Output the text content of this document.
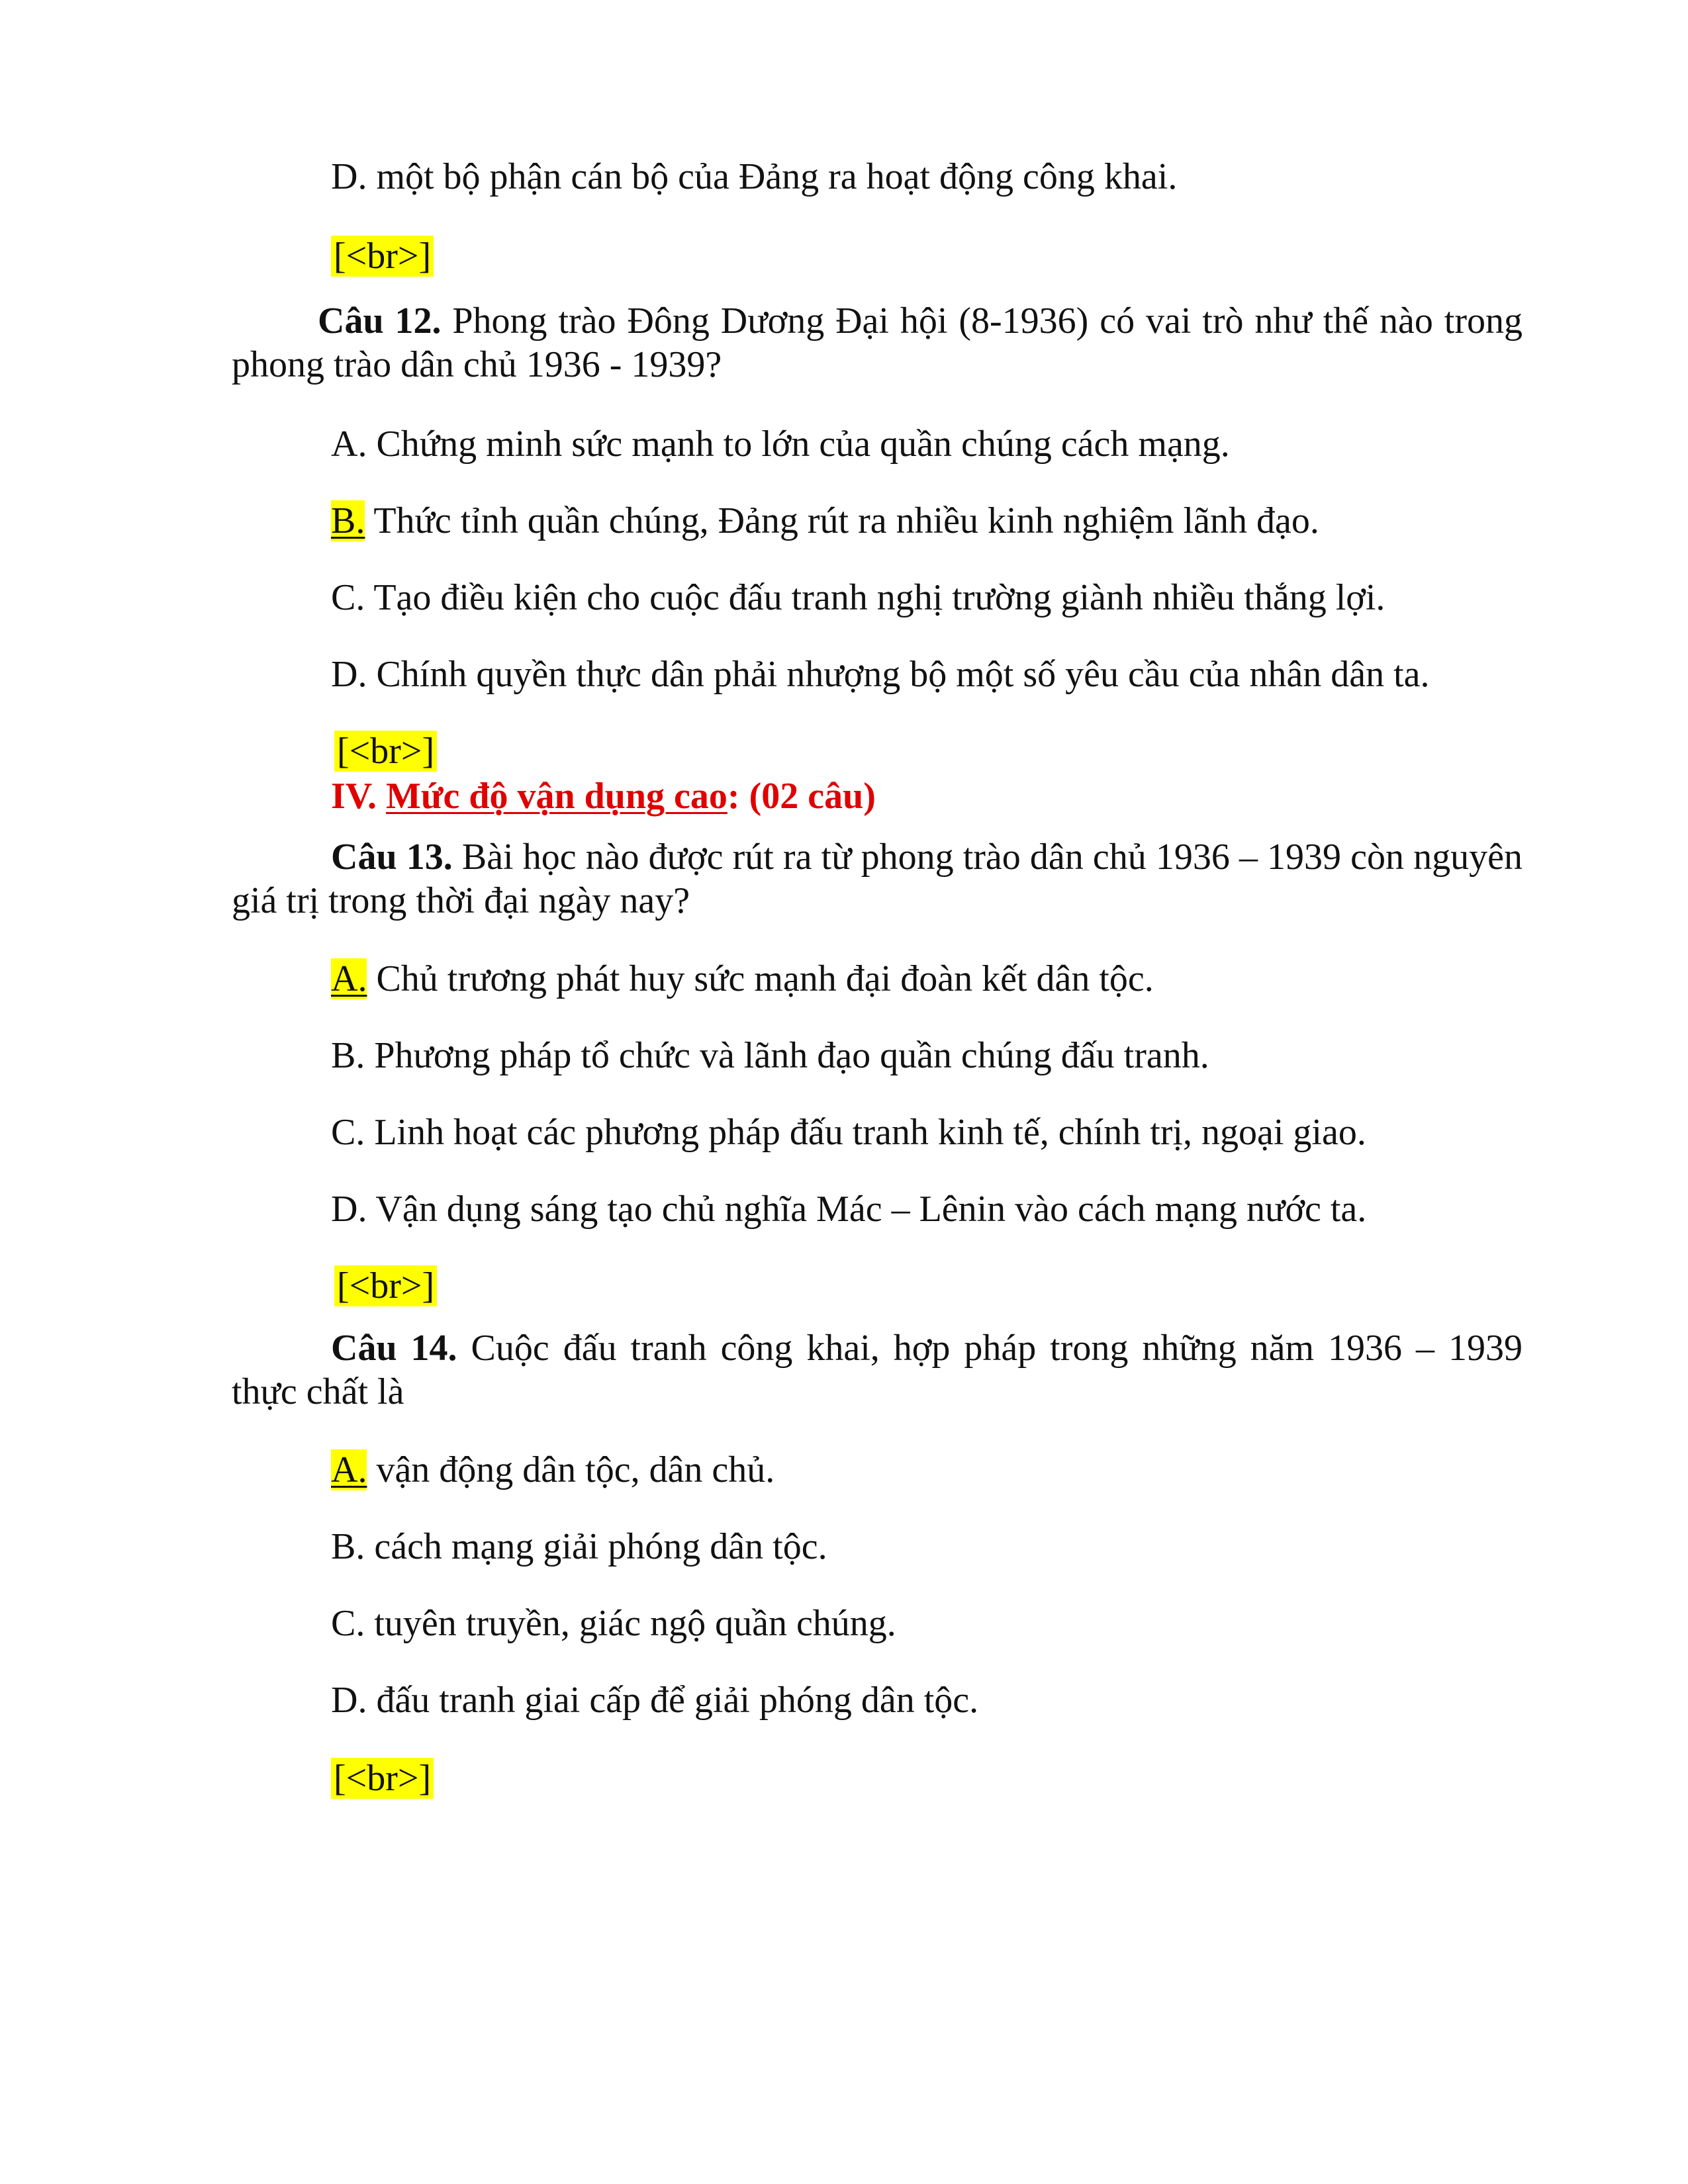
D. một bộ phận cán bộ của Đảng ra hoạt động công khai.
[<br>]
Câu 12. Phong trào Đông Dương Đại hội (8-1936) có vai trò như thế nào trong phong trào dân chủ 1936 - 1939?
A. Chứng minh sức mạnh to lớn của quần chúng cách mạng.
B. Thức tỉnh quần chúng, Đảng rút ra nhiều kinh nghiệm lãnh đạo.
C. Tạo điều kiện cho cuộc đấu tranh nghị trường giành nhiều thắng lợi.
D. Chính quyền thực dân phải nhượng bộ một số yêu cầu của nhân dân ta.
[<br>]
IV. Mức độ vận dụng cao: (02 câu)
Câu 13. Bài học nào được rút ra từ phong trào dân chủ 1936 – 1939 còn nguyên giá trị trong thời đại ngày nay?
A. Chủ trương phát huy sức mạnh đại đoàn kết dân tộc.
B. Phương pháp tổ chức và lãnh đạo quần chúng đấu tranh.
C. Linh hoạt các phương pháp đấu tranh kinh tế, chính trị, ngoại giao.
D. Vận dụng sáng tạo chủ nghĩa Mác – Lênin vào cách mạng nước ta.
[<br>]
Câu 14. Cuộc đấu tranh công khai, hợp pháp trong những năm 1936 – 1939 thực chất là
A. vận động dân tộc, dân chủ.
B. cách mạng giải phóng dân tộc.
C. tuyên truyền, giác ngộ quần chúng.
D. đấu tranh giai cấp để giải phóng dân tộc.
[<br>]
